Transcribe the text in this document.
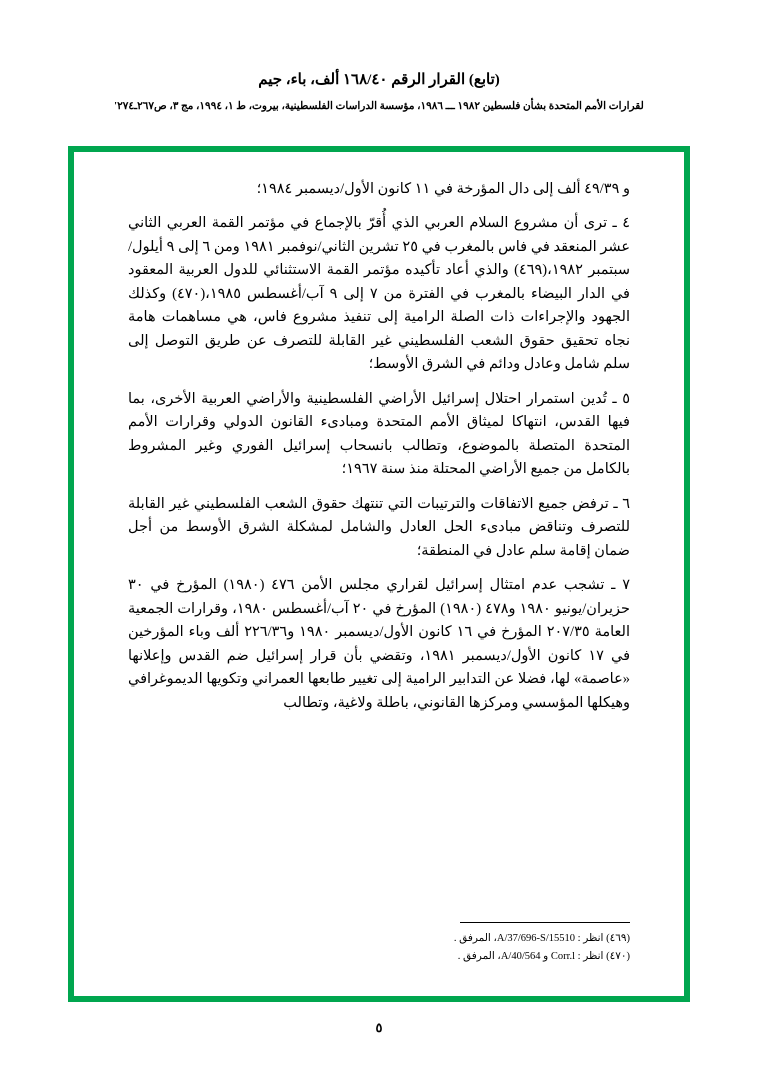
(تابع) القرار الرقم ١٦٨/٤٠ ألف، باء، جيم
لقرارات الأمم المتحدة بشأن فلسطين ١٩٨٢ ـــ ١٩٨٦، مؤسسة الدراسات الفلسطينية، بيروت، ط ١، ١٩٩٤، مج ٣، ص٢٦٧ـ٢٧٤'

و ٤٩/٣٩ ألف إلى دال المؤرخة في ١١ كانون الأول/ديسمبر ١٩٨٤؛

٤ ـ ترى أن مشروع السلام العربي الذي أُقرّ بالإجماع في مؤتمر القمة العربي الثاني عشر المنعقد في فاس بالمغرب في ٢٥ تشرين الثاني/نوفمبر ١٩٨١ ومن ٦ إلى ٩ أيلول/سبتمبر ١٩٨٢،(٤٦٩) والذي أعاد تأكيده مؤتمر القمة الاستثنائي للدول العربية المعقود في الدار البيضاء بالمغرب في الفترة من ٧ إلى ٩ آب/أغسطس ١٩٨٥،(٤٧٠) وكذلك الجهود والإجراءات ذات الصلة الرامية إلى تنفيذ مشروع فاس، هي مساهمات هامة نجاه تحقيق حقوق الشعب الفلسطيني غير القابلة للتصرف عن طريق التوصل إلى سلم شامل وعادل ودائم في الشرق الأوسط؛

٥ ـ تُدين استمرار احتلال إسرائيل الأراضي الفلسطينية والأراضي العربية الأخرى، بما فيها القدس، انتهاكا لميثاق الأمم المتحدة ومبادىء القانون الدولي وقرارات الأمم المتحدة المتصلة بالموضوع، وتطالب بانسحاب إسرائيل الفوري وغير المشروط بالكامل من جميع الأراضي المحتلة منذ سنة ١٩٦٧؛

٦ ـ ترفض جميع الاتفاقات والترتيبات التي تنتهك حقوق الشعب الفلسطيني غير القابلة للتصرف وتناقض مبادىء الحل العادل والشامل لمشكلة الشرق الأوسط من أجل ضمان إقامة سلم عادل في المنطقة؛

٧ ـ تشجب عدم امتثال إسرائيل لقراري مجلس الأمن ٤٧٦ (١٩٨٠) المؤرخ في ٣٠ حزيران/يونيو ١٩٨٠ و٤٧٨ (١٩٨٠) المؤرخ في ٢٠ آب/أغسطس ١٩٨٠، وقرارات الجمعية العامة ٢٠٧/٣٥ المؤرخ في ١٦ كانون الأول/ديسمبر ١٩٨٠ و٢٢٦/٣٦ ألف وباء المؤرخين في ١٧ كانون الأول/ديسمبر ١٩٨١، وتقضي بأن قرار إسرائيل ضم القدس وإعلانها «عاصمة» لها، فضلا عن التدابير الرامية إلى تغيير طابعها العمراني وتكويها الديموغرافي وهيكلها المؤسسي ومركزها القانوني، باطلة ولاغية، وتطالب

(٤٦٩) انظر : A/37/696-S/15510، المرفق .
(٤٧٠) انظر : A/40/564 و Corr.l، المرفق .
٥
